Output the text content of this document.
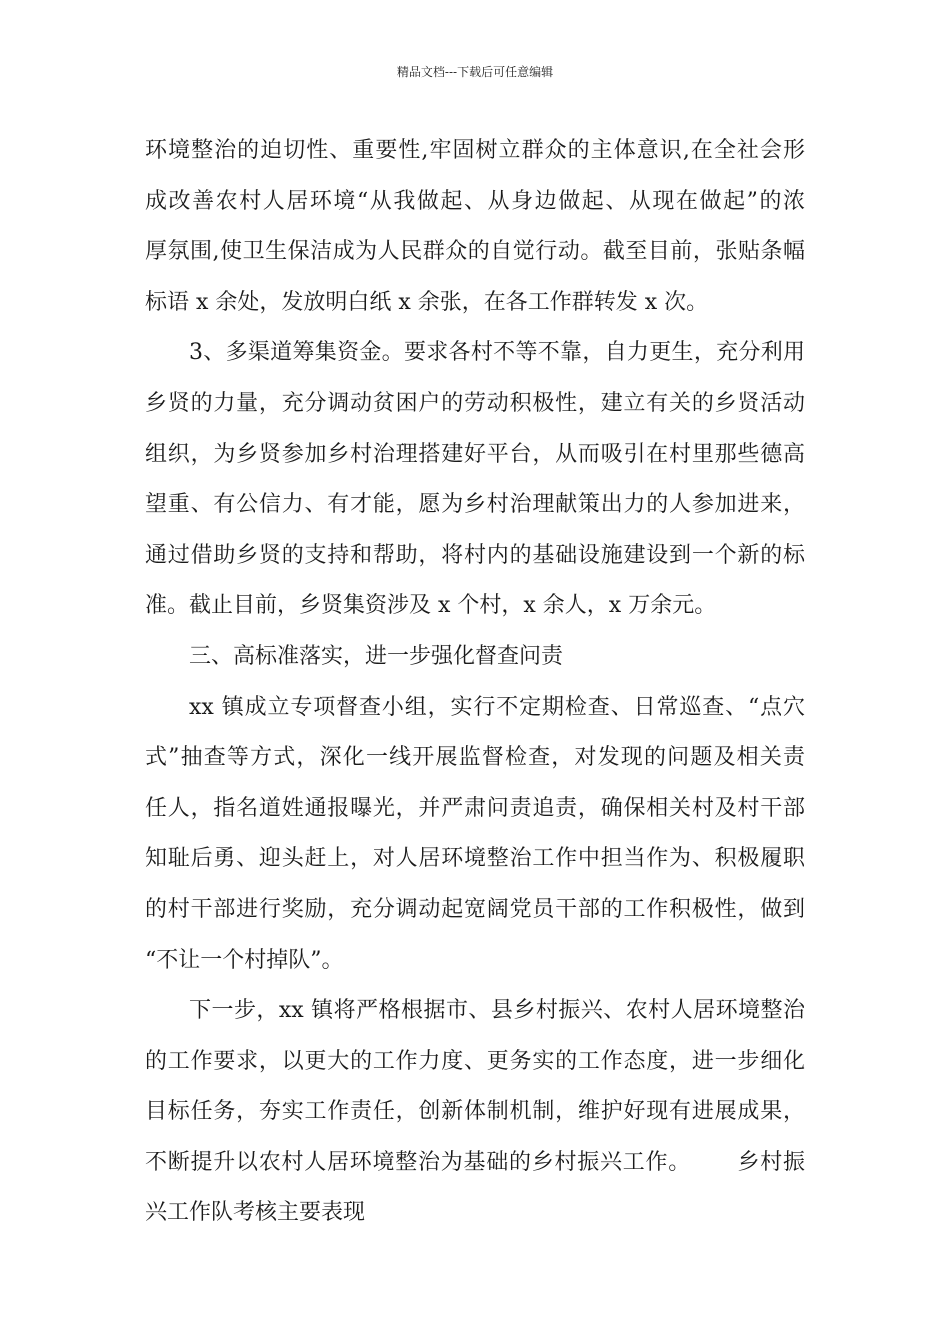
精品文档---下载后可任意编辑

环境整治的迫切性、重要性,牢固树立群众的主体意识,在全社会形
成改善农村人居环境“从我做起、从身边做起、从现在做起”的浓
厚氛围,使卫生保洁成为人民群众的自觉行动。截至目前，张贴条幅
标语 x 余处，发放明白纸 x 余张，在各工作群转发 x 次。

3、多渠道筹集资金。要求各村不等不靠，自力更生，充分利用
乡贤的力量，充分调动贫困户的劳动积极性，建立有关的乡贤活动
组织，为乡贤参加乡村治理搭建好平台，从而吸引在村里那些德高
望重、有公信力、有才能，愿为乡村治理献策出力的人参加进来，
通过借助乡贤的支持和帮助，将村内的基础设施建设到一个新的标
准。截止目前，乡贤集资涉及 x 个村，x 余人，x 万余元。

三、高标准落实，进一步强化督查问责

xx 镇成立专项督查小组，实行不定期检查、日常巡查、“点穴
式”抽查等方式，深化一线开展监督检查，对发现的问题及相关责
任人，指名道姓通报曝光，并严肃问责追责，确保相关村及村干部
知耻后勇、迎头赶上，对人居环境整治工作中担当作为、积极履职
的村干部进行奖励，充分调动起宽阔党员干部的工作积极性，做到
“不让一个村掉队”。

下一步，xx 镇将严格根据市、县乡村振兴、农村人居环境整治
的工作要求，以更大的工作力度、更务实的工作态度，进一步细化
目标任务，夯实工作责任，创新体制机制，维护好现有进展成果，
不断提升以农村人居环境整治为基础的乡村振兴工作。      乡村振
兴工作队考核主要表现
